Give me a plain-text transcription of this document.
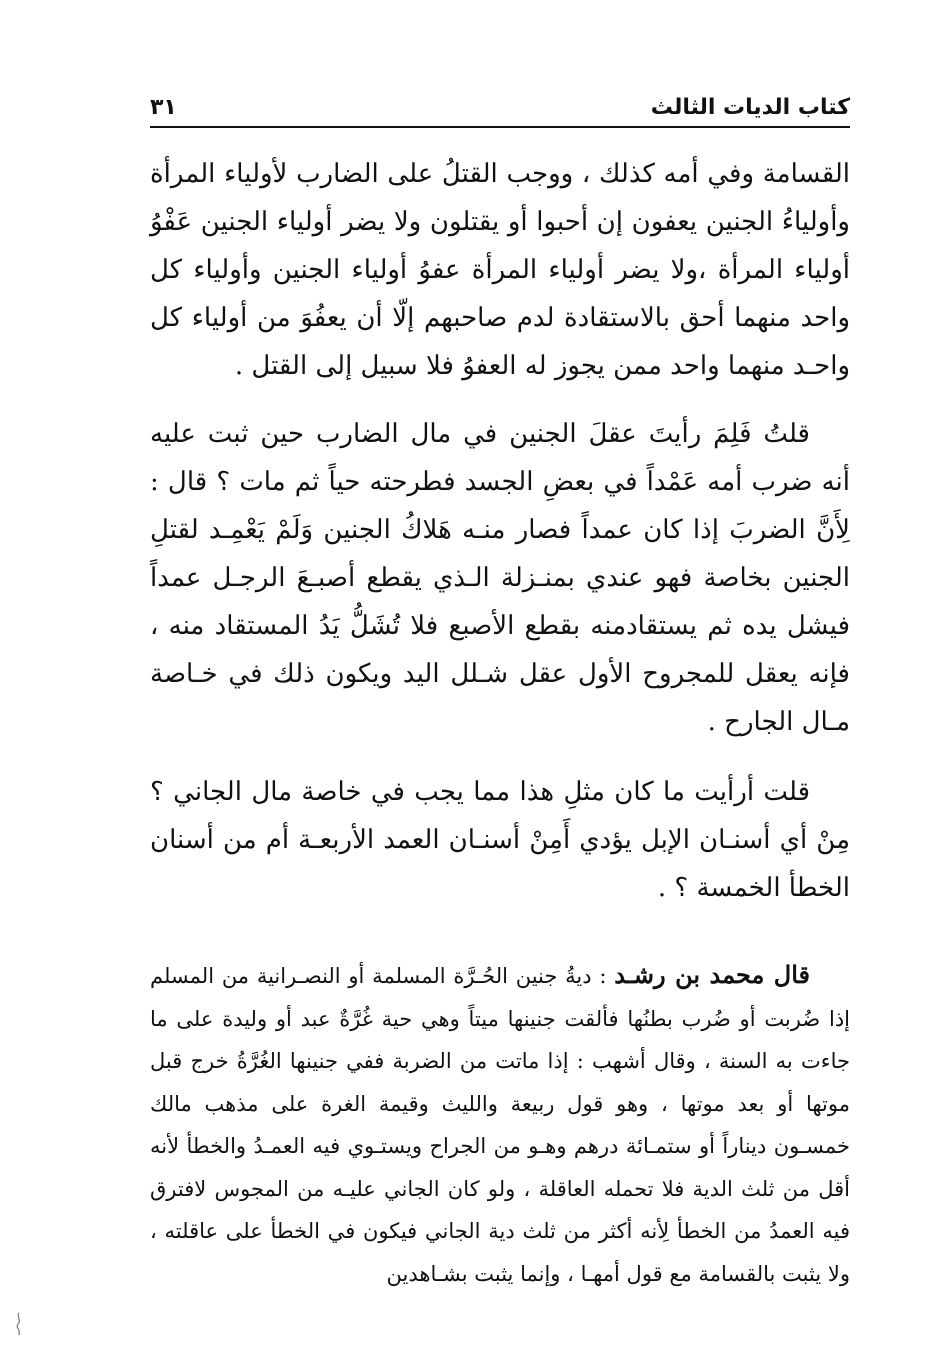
كتاب الديات الثالث
٣١

القسامة وفي أمه كذلك ، ووجب القتلُ على الضارب لأولياء المرأة وأولياءُ الجنين يعفون إن أحبوا أو يقتلون ولا يضر أولياء الجنين عَفْوُ أولياء المرأة ،ولا يضر أولياء المرأة عفوُ أولياء الجنين وأولياء كل واحد منهما أحق بالاستقادة لدم صاحبهم إلّا أن يعفُوَ من أولياء كل واحـد منهما واحد ممن يجوز له العفوُ فلا سبيل إلى القتل .

قلتُ فَلِمَ رأيتَ عقلَ الجنين في مال الضارب حين ثبت عليه أنه ضرب أمه عَمْداً في بعضِ الجسد فطرحته حياً ثم مات ؟ قال : لِأَنَّ الضربَ إذا كان عمداً فصار منـه هَلاكُ الجنين وَلَمْ يَعْمِـد لقتلِ الجنين بخاصة فهو عندي بمنـزلة الـذي يقطع أصبـعَ الرجـل عمداً فيشل يده ثم يستقادمنه بقطع الأصبع فلا تُشَلُّ يَدُ المستقاد منه ، فإنه يعقل للمجروح الأول عقل شـلل اليد ويكون ذلك في خـاصة مـال الجارح .

قلت أرأيت ما كان مثلِ هذا مما يجب في خاصة مال الجاني ؟ مِنْ أي أسنـان الإبل يؤدي أَمِنْ أسنـان العمد الأربعـة أم من أسنان الخطأ الخمسة ؟ .

قال محمد بن رشـد : ديةُ جنين الحُـرَّة المسلمة أو النصـرانية من المسلم إذا ضُربت أو ضُرب بطنُها فألقت جنينها ميتاً وهي حية غُرَّةٌ عبد أو وليدة على ما جاءت به السنة ، وقال أشهب : إذا ماتت من الضربة ففي جنينها الغُرَّةُ خرج قبل موتها أو بعد موتها ، وهو قول ربيعة والليث وقيمة الغرة على مذهب مالك خمسـون ديناراً أو ستمـائة درهم وهـو من الجراح ويستـوي فيه العمـدُ والخطأ لأنه أقل من ثلث الدية فلا تحمله العاقلة ، ولو كان الجاني عليـه من المجوس لافترق فيه العمدُ من الخطأ لِأنه أكثر من ثلث دية الجاني فيكون في الخطأ على عاقلته ، ولا يثبت بالقسامة مع قول أمهـا ، وإنما يثبت بشـاهدين
